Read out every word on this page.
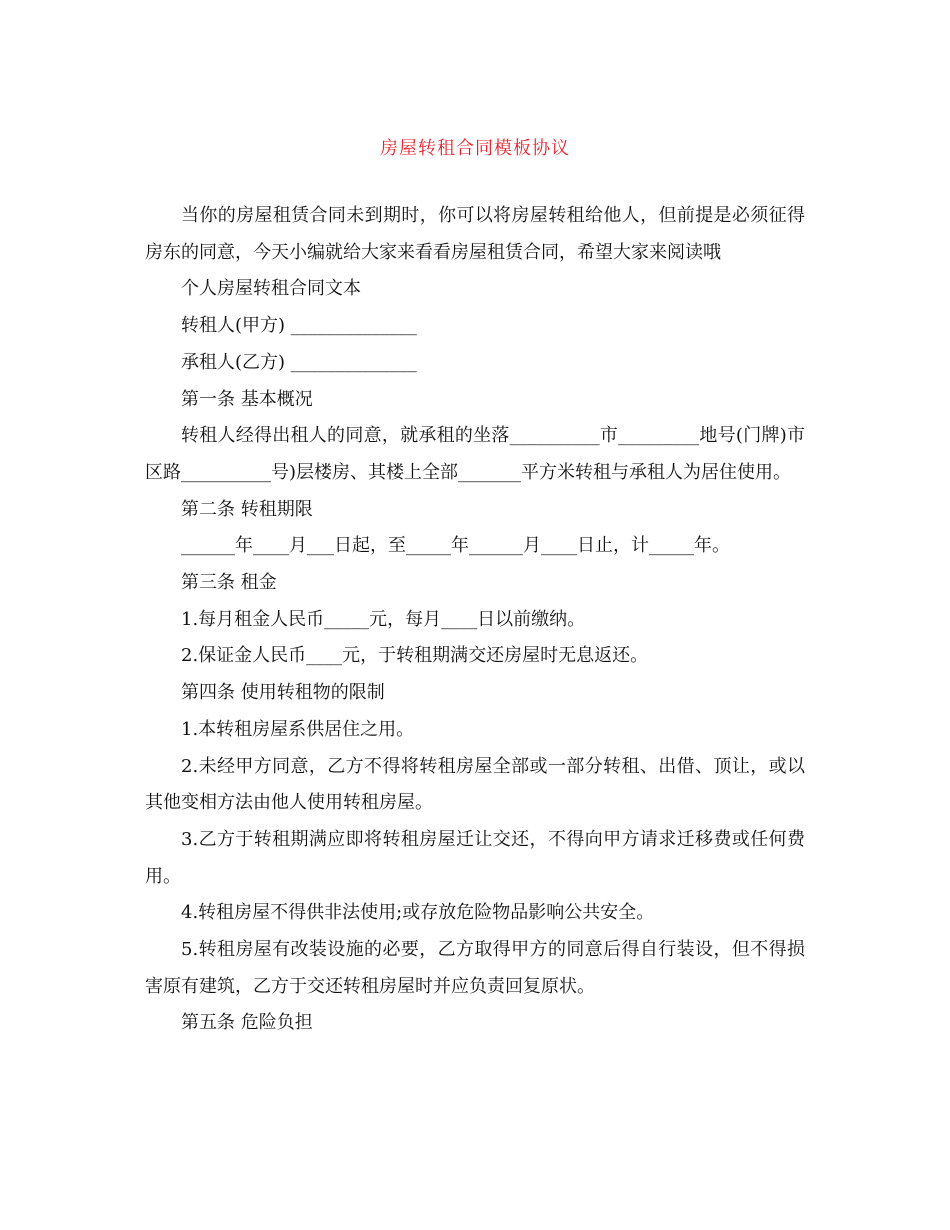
房屋转租合同模板协议

当你的房屋租赁合同未到期时，你可以将房屋转租给他人，但前提是必须征得房东的同意，今天小编就给大家来看看房屋租赁合同，希望大家来阅读哦

个人房屋转租合同文本

转租人(甲方) ______________

承租人(乙方) ______________

第一条 基本概况

转租人经得出租人的同意，就承租的坐落__________市_________地号(门牌)市区路__________号)层楼房、其楼上全部_______平方米转租与承租人为居住使用。

第二条 转租期限

______年____月___日起，至_____年______月____日止，计_____年。

第三条 租金

1.每月租金人民币_____元，每月____日以前缴纳。

2.保证金人民币____元，于转租期满交还房屋时无息返还。

第四条 使用转租物的限制

1.本转租房屋系供居住之用。

2.未经甲方同意，乙方不得将转租房屋全部或一部分转租、出借、顶让，或以其他变相方法由他人使用转租房屋。

3.乙方于转租期满应即将转租房屋迁让交还，不得向甲方请求迁移费或任何费用。

4.转租房屋不得供非法使用;或存放危险物品影响公共安全。

5.转租房屋有改装设施的必要，乙方取得甲方的同意后得自行装设，但不得损害原有建筑，乙方于交还转租房屋时并应负责回复原状。

第五条 危险负担
